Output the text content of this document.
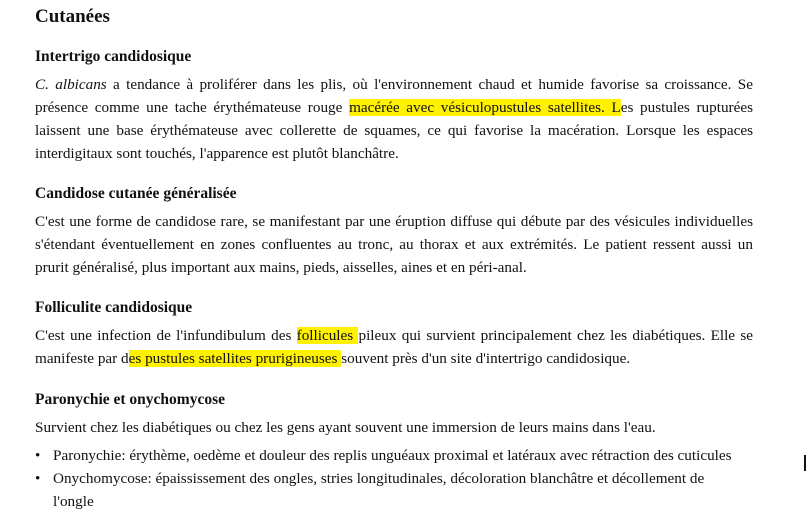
Cutanées
Intertrigo candidosique
C. albicans a tendance à proliférer dans les plis, où l'environnement chaud et humide favorise sa croissance. Se
présence comme une tache érythémateuse rouge macérée avec vésiculopustules satellites. Les pustules rupturées
laissent une base érythémateuse avec collerette de squames, ce qui favorise la macération. Lorsque les espaces
interdigitaux sont touchés, l'apparence est plutôt blanchâtre.
Candidose cutanée généralisée
C'est une forme de candidose rare, se manifestant par une éruption diffuse qui débute par des vésicules individuelles
s'étendant éventuellement en zones confluentes au tronc, au thorax et aux extrémités. Le patient ressent aussi un
prurit généralisé, plus important aux mains, pieds, aisselles, aines et en péri-anal.
Folliculite candidosique
C'est une infection de l'infundibulum des follicules pileux qui survient principalement chez les diabétiques. Elle se
manifeste par des pustules satellites prurigineuses souvent près d'un site d'intertrigo candidosique.
Paronychie et onychomycose
Survient chez les diabétiques ou chez les gens ayant souvent une immersion de leurs mains dans l'eau.
• Paronychie: érythème, oedème et douleur des replis unguéaux proximal et latéraux avec rétraction des cuticules
• Onychomycose: épaississement des ongles, stries longitudinales, décoloration blanchâtre et décollement de
l'ongle
